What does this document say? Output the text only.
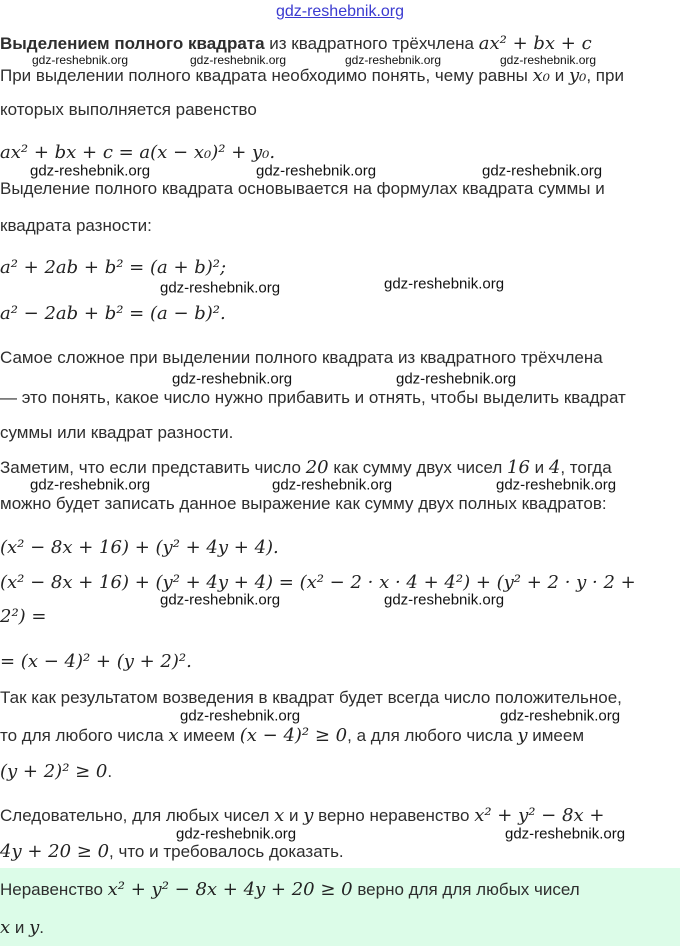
gdz-reshebnik.org
Выделением полного квадрата из квадратного трёхчлена ax² + bx + c
При выделении полного квадрата необходимо понять, чему равны x₀ и y₀, при
которых выполняется равенство
ax² + bx + c = a(x − x₀)² + y₀.
Выделение полного квадрата основывается на формулах квадрата суммы и
квадрата разности:
a² + 2ab + b² = (a + b)²;
a² − 2ab + b² = (a − b)².
Самое сложное при выделении полного квадрата из квадратного трёхчлена
— это понять, какое число нужно прибавить и отнять, чтобы выделить квадрат
суммы или квадрат разности.
Заметим, что если представить число 20 как сумму двух чисел 16 и 4, тогда
можно будет записать данное выражение как сумму двух полных квадратов:
(x² − 8x + 16) + (y² + 4y + 4).
(x² − 8x + 16) + (y² + 4y + 4) = (x² − 2 · x · 4 + 4²) + (y² + 2 · y · 2 +
2²) =
= (x − 4)² + (y + 2)².
Так как результатом возведения в квадрат будет всегда число положительное,
то для любого числа x имеем (x − 4)² ≥ 0, а для любого числа y имеем
(y + 2)² ≥ 0.
Следовательно, для любых чисел x и y верно неравенство x² + y² − 8x +
4y + 20 ≥ 0, что и требовалось доказать.
Неравенство x² + y² − 8x + 4y + 20 ≥ 0 верно для для любых чисел
x и y.
gdz-reshebnik.org	gdz-reshebnik.org	gdz-reshebnik.org	gdz-reshebnik.org
gdz-reshebnik.org	gdz-reshebnik.org	gdz-reshebnik.org
gdz-reshebnik.org	gdz-reshebnik.org
gdz-reshebnik.org	gdz-reshebnik.org
gdz-reshebnik.org	gdz-reshebnik.org	gdz-reshebnik.org
gdz-reshebnik.org	gdz-reshebnik.org
gdz-reshebnik.org	gdz-reshebnik.org
gdz-reshebnik.org	gdz-reshebnik.org
